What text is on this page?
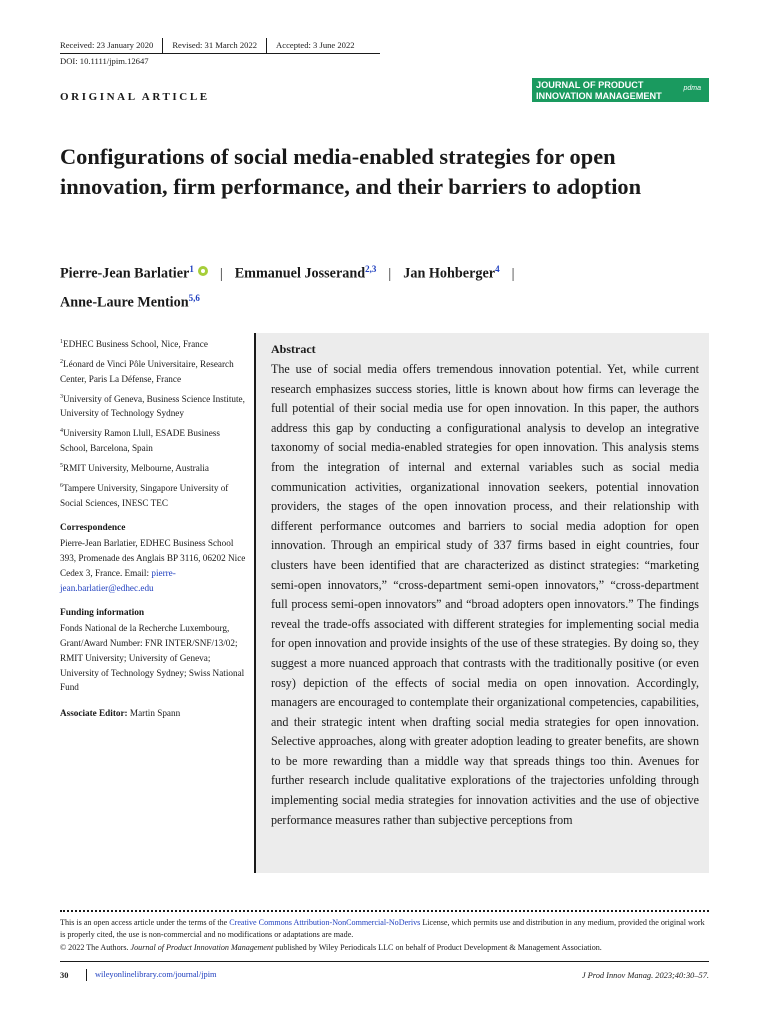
Received: 23 January 2020	Revised: 31 March 2022	Accepted: 3 June 2022
DOI: 10.1111/jpim.12647
ORIGINAL ARTICLE
JOURNAL OF PRODUCT
INNOVATION MANAGEMENT
pdma
Configurations of social media-enabled strategies for open innovation, firm performance, and their barriers to adoption
Pierre-Jean Barlatier$^1$ | Emmanuel Josserand$^{2,3}$ | Jan Hohberger$^4$ |
Anne-Laure Mention$^{5,6}$
$^1$EDHEC Business School, Nice, France
$^2$Léonard de Vinci Pôle Universitaire, Research Center, Paris La Défense, France
$^3$University of Geneva, Business Science Institute, University of Technology Sydney
$^4$University Ramon Llull, ESADE Business School, Barcelona, Spain
$^5$RMIT University, Melbourne, Australia
$^6$Tampere University, Singapore University of Social Sciences, INESC TEC
Correspondence
Pierre-Jean Barlatier, EDHEC Business School 393, Promenade des Anglais BP 3116, 06202 Nice Cedex 3, France. Email: pierre-jean.barlatier@edhec.edu
Funding information
Fonds National de la Recherche Luxembourg, Grant/Award Number: FNR INTER/SNF/13/02; RMIT University; University of Geneva; University of Technology Sydney; Swiss National Fund
Associate Editor: Martin Spann
Abstract
The use of social media offers tremendous innovation potential. Yet, while current research emphasizes success stories, little is known about how firms can leverage the full potential of their social media use for open innovation. In this paper, the authors address this gap by conducting a configurational analysis to develop an integrative taxonomy of social media-enabled strategies for open innovation. This analysis stems from the integration of internal and external variables such as social media communication activities, organizational innovation seekers, potential innovation providers, the stages of the open innovation process, and their relationship with different performance outcomes and barriers to social media adoption for open innovation. Through an empirical study of 337 firms based in eight countries, four clusters have been identified that are characterized as distinct strategies: “marketing semi-open innovators,” “cross-department semi-open innovators,” “cross-department full process semi-open innovators” and “broad adopters open innovators.” The findings reveal the trade-offs associated with different strategies for implementing social media for open innovation and provide insights of the use of these strategies. By doing so, they suggest a more nuanced approach that contrasts with the traditionally positive (or even rosy) depiction of the effects of social media on open innovation. Accordingly, managers are encouraged to contemplate their organizational competencies, capabilities, and their strategic intent when drafting social media strategies for open innovation. Selective approaches, along with greater adoption leading to greater benefits, are shown to be more rewarding than a middle way that spreads things too thin. Avenues for further research include qualitative explorations of the trajectories unfolding through implementing social media strategies for innovation activities and the use of objective performance measures rather than subjective perceptions from
This is an open access article under the terms of the Creative Commons Attribution-NonCommercial-NoDerivs License, which permits use and distribution in any medium, provided the original work is properly cited, the use is non-commercial and no modifications or adaptations are made.
© 2022 The Authors. Journal of Product Innovation Management published by Wiley Periodicals LLC on behalf of Product Development & Management Association.
30	wileyonlinelibrary.com/journal/jpim	J Prod Innov Manag. 2023;40:30–57.
